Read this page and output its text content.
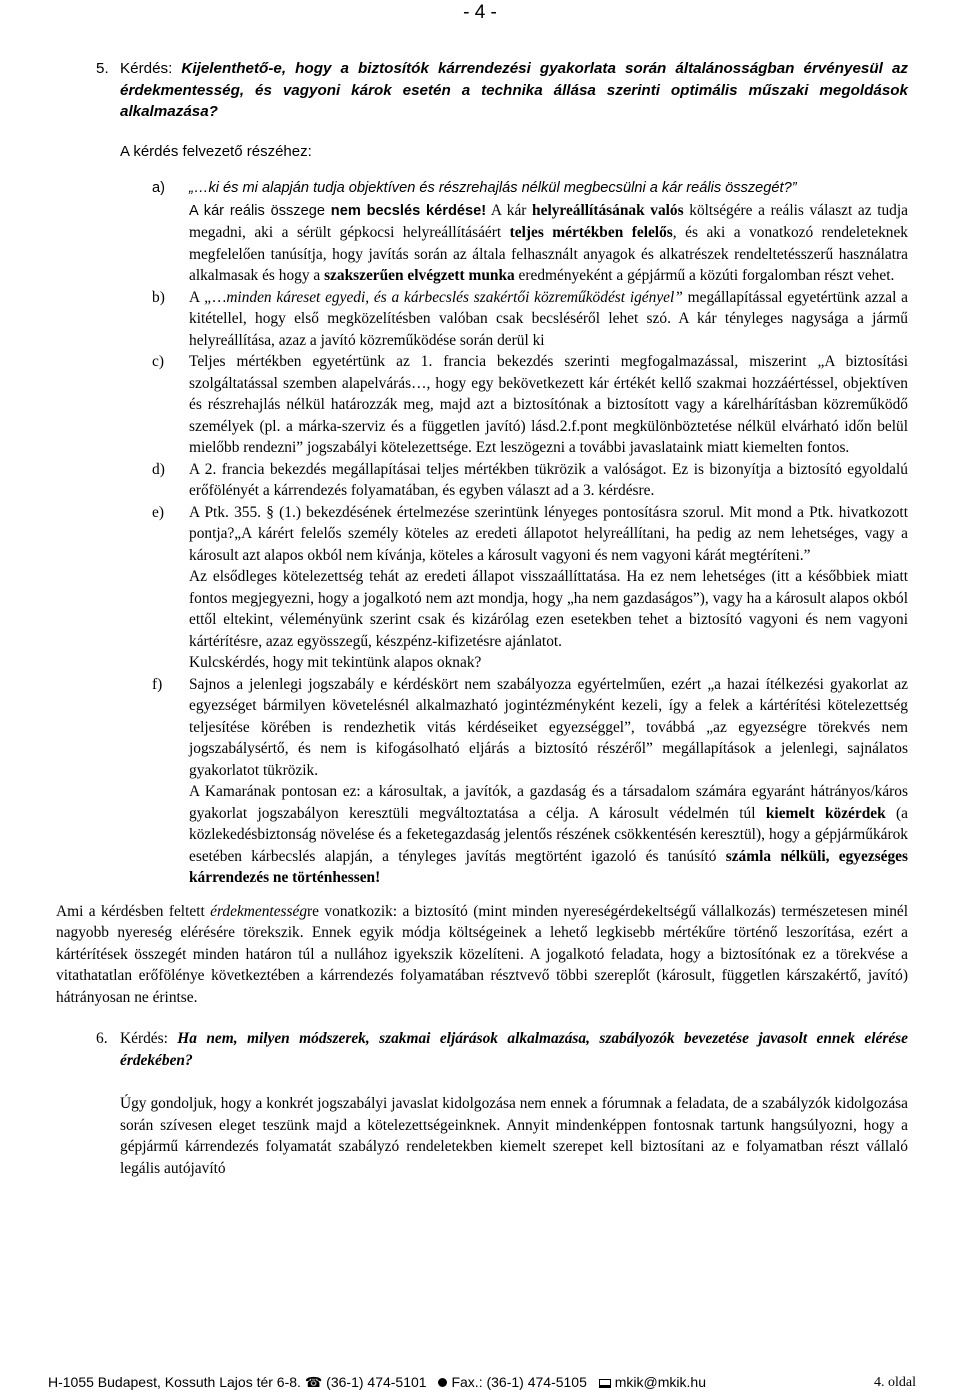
- 4 -

5. Kérdés: Kijelenthető-e, hogy a biztosítók kárrendezési gyakorlata során általánosságban érvényesül az érdekmentesség, és vagyoni károk esetén a technika állása szerinti optimális műszaki megoldások alkalmazása?

A kérdés felvezető részéhez:

a) „…ki és mi alapján tudja objektíven és részrehajlás nélkül megbecsülni a kár reális összegét?”

A kár reális összege nem becslés kérdése! A kár helyreállításának valós költségére a reális választ az tudja megadni, aki a sérült gépkocsi helyreállításáért teljes mértékben felelős, és aki a vonatkozó rendeleteknek megfelelően tanúsítja, hogy javítás során az általa felhasznált anyagok és alkatrészek rendeltetésszerű használatra alkalmasak és hogy a szakszerűen elvégzett munka eredményeként a gépjármű a közúti forgalomban részt vehet.

b) A „…minden káreset egyedi, és a kárbecslés szakértői közreműködést igényel” megállapítással egyetértünk azzal a kitétellel, hogy első megközelítésben valóban csak becsléséről lehet szó. A kár tényleges nagysága a jármű helyreállítása, azaz a javító közreműködése során derül ki

c) Teljes mértékben egyetértünk az 1. francia bekezdés szerinti megfogalmazással, miszerint „A biztosítási szolgáltatással szemben alapelvárás…, hogy egy bekövetkezett kár értékét kellő szakmai hozzáértéssel, objektíven és részrehajlás nélkül határozzák meg, majd azt a biztosítónak a biztosított vagy a kárelhárításban közreműködő személyek (pl. a márka-szerviz és a független javító) lásd.2.f.pont megkülönböztetése nélkül elvárható időn belül mielőbb rendezni” jogszabályi kötelezettsége. Ezt leszögezni a további javaslataink miatt kiemelten fontos.

d) A 2. francia bekezdés megállapításai teljes mértékben tükrözik a valóságot. Ez is bizonyítja a biztosító egyoldalú erőfölényét a kárrendezés folyamatában, és egyben választ ad a 3. kérdésre.

e) A Ptk. 355. § (1.) bekezdésének értelmezése szerintünk lényeges pontosításra szorul. Mit mond a Ptk. hivatkozott pontja?„A kárért felelős személy köteles az eredeti állapotot helyreállítani, ha pedig az nem lehetséges, vagy a károsult azt alapos okból nem kívánja, köteles a károsult vagyoni és nem vagyoni kárát megtéríteni.”

Az elsődleges kötelezettség tehát az eredeti állapot visszaállíttatása. Ha ez nem lehetséges (itt a későbbiek miatt fontos megjegyezni, hogy a jogalkotó nem azt mondja, hogy „ha nem gazdaságos”), vagy ha a károsult alapos okból ettől eltekint, véleményünk szerint csak és kizárólag ezen esetekben tehet a biztosító vagyoni és nem vagyoni kártérítésre, azaz egyösszegű, készpénz-kifizetésre ajánlatot.

Kulcskérdés, hogy mit tekintünk alapos oknak?

f) Sajnos a jelenlegi jogszabály e kérdéskört nem szabályozza egyértelműen, ezért „a hazai ítélkezési gyakorlat az egyezséget bármilyen követelésnél alkalmazható jogintézményként kezeli, így a felek a kártérítési kötelezettség teljesítése körében is rendezhetik vitás kérdéseiket egyezséggel”, továbbá „az egyezségre törekvés nem jogszabálysértő, és nem is kifogásolható eljárás a biztosító részéről” megállapítások a jelenlegi, sajnálatos gyakorlatot tükrözik.

A Kamarának pontosan ez: a károsultak, a javítók, a gazdaság és a társadalom számára egyaránt hátrányos/káros gyakorlat jogszabályon keresztüli megváltoztatása a célja. A károsult védelmén túl kiemelt közérdek (a közlekedésbiztonság növelése és a feketegazdaság jelentős részének csökkentésén keresztül), hogy a gépjárműkárok esetében kárbecslés alapján, a tényleges javítás megtörtént igazoló és tanúsító számla nélküli, egyezséges kárrendezés ne történhessen!

Ami a kérdésben feltett érdekmentességre vonatkozik: a biztosító (mint minden nyereségérdekeltségű vállalkozás) természetesen minél nagyobb nyereség elérésére törekszik. Ennek egyik módja költségeinek a lehető legkisebb mértékűre történő leszorítása, ezért a kártérítések összegét minden határon túl a nullához igyekszik közelíteni. A jogalkotó feladata, hogy a biztosítónak ez a törekvése a vitathatatlan erőfölénye következtében a kárrendezés folyamatában résztvevő többi szereplőt (károsult, független kárszakértő, javító) hátrányosan ne érintse.

6. Kérdés: Ha nem, milyen módszerek, szakmai eljárások alkalmazása, szabályozók bevezetése javasolt ennek elérése érdekében?

Úgy gondoljuk, hogy a konkrét jogszabályi javaslat kidolgozása nem ennek a fórumnak a feladata, de a szabályzók kidolgozása során szívesen eleget teszünk majd a kötelezettségeinknek. Annyit mindenképpen fontosnak tartunk hangsúlyozni, hogy a gépjármű kárrendezés folyamatát szabályzó rendeletekben kiemelt szerepet kell biztosítani az e folyamatban részt vállaló legális autójavító

H-1055 Budapest, Kossuth Lajos tér 6-8. ☎ (36-1) 474-5101 Fax.: (36-1) 474-5105 mkik@mkik.hu	4. oldal
